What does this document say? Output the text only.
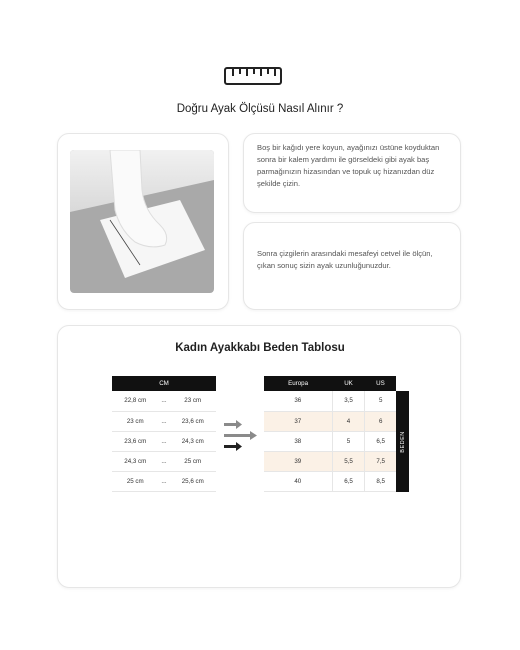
Doğru Ayak Ölçüsü Nasıl Alınır ?
Boş bir kağıdı yere koyun, ayağınızı üstüne koyduktan sonra bir kalem yardımı ile görseldeki gibi ayak baş parmağınızın hizasından ve topuk uç hizanızdan düz şekilde çizin.
Sonra çizgilerin arasındaki mesafeyi cetvel ile ölçün, çıkan sonuç sizin ayak uzunluğunuzdur.
Kadın Ayakkabı Beden Tablosu
CM		
22,8 cm	...	23 cm
23 cm	...	23,6 cm
23,6 cm	...	24,3 cm
24,3 cm	...	25 cm
25 cm	...	25,6 cm
Europa	UK	US
36	3,5	5
37	4	6
38	5	6,5
39	5,5	7,5
40	6,5	8,5
BEDEN
